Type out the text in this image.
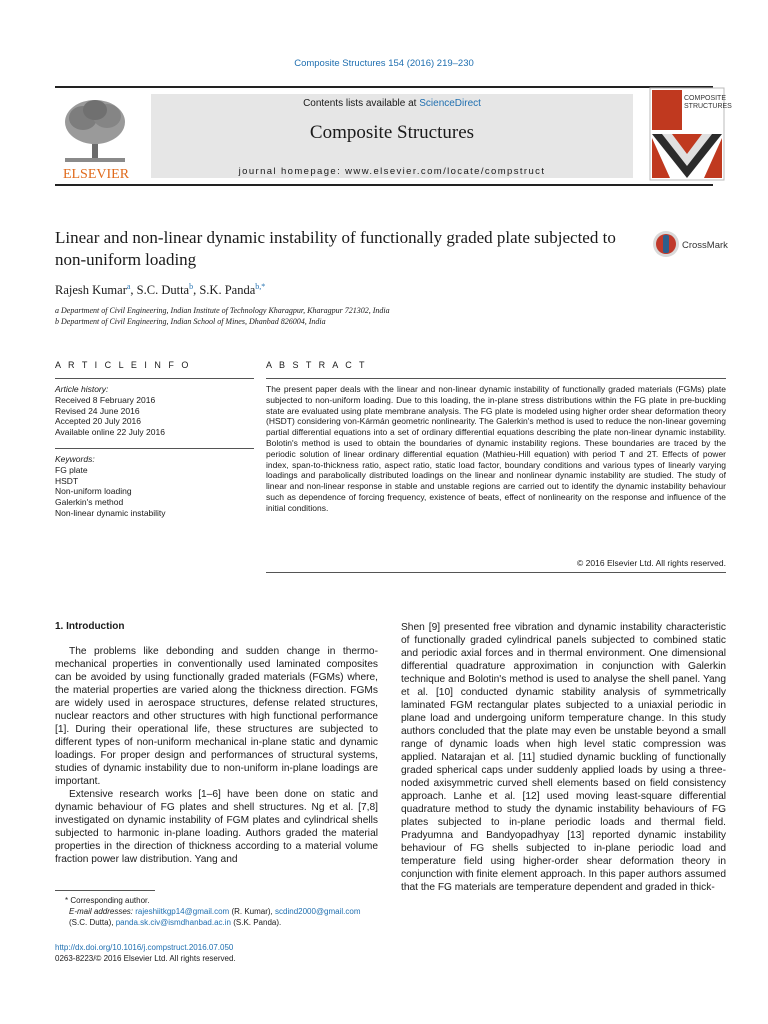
Composite Structures 154 (2016) 219–230
ELSEVIER
Contents lists available at ScienceDirect
Composite Structures
journal homepage: www.elsevier.com/locate/compstruct
COMPOSITE
STRUCTURES
Linear and non-linear dynamic instability of functionally graded plate subjected to non-uniform loading
CrossMark
Rajesh Kumar$^a$, S.C. Dutta$^b$, S.K. Panda$^{b,*}$
a Department of Civil Engineering, Indian Institute of Technology Kharagpur, Kharagpur 721302, India
b Department of Civil Engineering, Indian School of Mines, Dhanbad 826004, India
A R T I C L E I N F O	A B S T R A C T
Article history:
Received 8 February 2016
Revised 24 June 2016
Accepted 20 July 2016
Available online 22 July 2016
Keywords:
FG plate
HSDT
Non-uniform loading
Galerkin's method
Non-linear dynamic instability
The present paper deals with the linear and non-linear dynamic instability of functionally graded materials (FGMs) plate subjected to non-uniform loading. Due to this loading, the in-plane stress distributions within the FG plate in pre-buckling state are evaluated using plate membrane analysis. The FG plate is modeled using higher order shear deformation theory (HSDT) considering von-Kármán geometric nonlinearity. The Galerkin's method is used to reduce the non-linear governing partial differential equations into a set of ordinary differential equations describing the plate non-linear dynamic instability. Bolotin's method is used to obtain the boundaries of dynamic instability regions. These boundaries are traced by the periodic solution of linear ordinary differential equation (Mathieu-Hill equation) with period T and 2T. Effects of power index, span-to-thickness ratio, aspect ratio, static load factor, boundary conditions and various types of linearly varying loadings and parabolically distributed loadings on the linear and nonlinear dynamic instability are studied. The study of linear and non-linear response in stable and unstable regions are carried out to identify the dynamic instability behaviour such as dependence of forcing frequency, existence of beats, effect of nonlinearity on the response and influence of the initial conditions.
© 2016 Elsevier Ltd. All rights reserved.
1. Introduction

The problems like debonding and sudden change in thermo-mechanical properties in conventionally used laminated composites can be avoided by using functionally graded materials (FGMs) where, the material properties are varied along the thickness direction. FGMs are widely used in aerospace structures, defense related structures, nuclear reactors and other structures with high functional performance [1]. During their operational life, these structures are subjected to different types of non-uniform mechanical in-plane static and dynamic loadings. For proper design and performances of structural systems, studies of dynamic instability due to non-uniform in-plane loadings are important.

Extensive research works [1–6] have been done on static and dynamic behaviour of FG plates and shell structures. Ng et al. [7,8] investigated on dynamic instability of FGM plates and cylindrical shells subjected to harmonic in-plane loading. Authors graded the material properties in the direction of thickness according to a material volume fraction power law distribution. Yang and

Shen [9] presented free vibration and dynamic instability characteristic of functionally graded cylindrical panels subjected to combined static and periodic axial forces and in thermal environment. One dimensional differential quadrature approximation in conjunction with Galerkin technique and Bolotin's method is used to analyse the shell panel. Yang et al. [10] conducted dynamic stability analysis of symmetrically laminated FGM rectangular plates subjected to a uniaxial periodic in plane load and undergoing uniform temperature change. In this study authors concluded that the plate may even be unstable beyond a small range of dynamic loads when high level static compression was applied. Natarajan et al. [11] studied dynamic buckling of functionally graded spherical caps under suddenly applied loads by using a three-noded axisymmetric curved shell elements based on field consistency approach. Lanhe et al. [12] used moving least-square differential quadrature method to study the dynamic instability behaviours of FG plates subjected to in-plane periodic loads and thermal field. Pradyumna and Bandyopadhyay [13] reported dynamic instability behaviour of FG shells subjected to in-plane periodic load and temperature field using higher-order shear deformation theory in conjunction with finite element approach. In this paper authors assumed that the FG materials are temperature dependent and graded in thick-

* Corresponding author.
E-mail addresses: rajeshiitkgp14@gmail.com (R. Kumar), scdind2000@gmail.com (S.C. Dutta), panda.sk.civ@ismdhanbad.ac.in (S.K. Panda).
http://dx.doi.org/10.1016/j.compstruct.2016.07.050
0263-8223/© 2016 Elsevier Ltd. All rights reserved.
